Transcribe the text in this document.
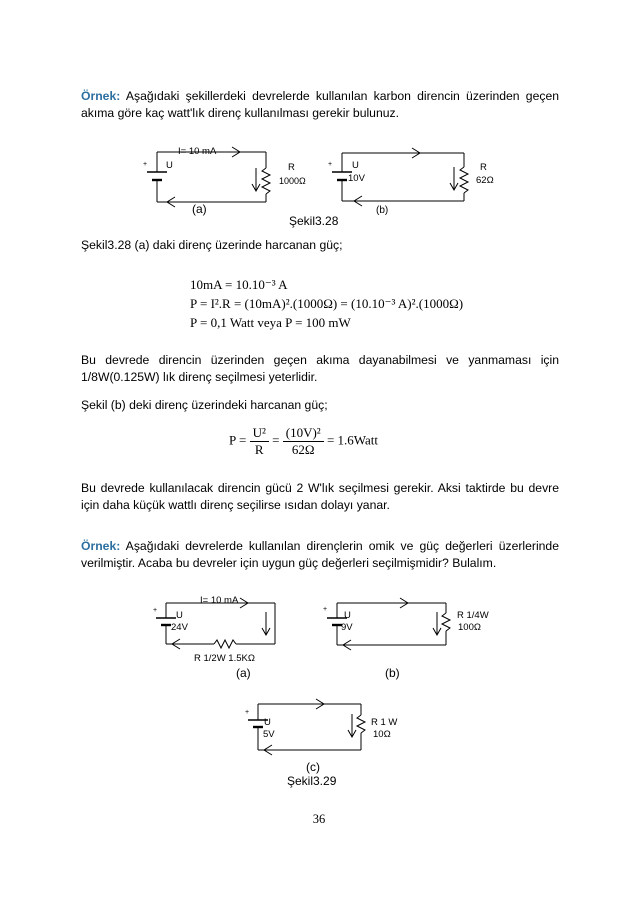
Örnek: Aşağıdaki şekillerdeki devrelerde kullanılan karbon direncin üzerinden geçen akıma göre kaç watt'lık direnç kullanılması gerekir bulunuz.

+
I= 10 mA
U	R
1000Ω
(a)
+ U
10V
R
62Ω
(b)
Şekil3.28

Şekil3.28 (a) daki direnç üzerinde harcanan güç;

10mA = 10.10⁻³ A
P = I².R = (10mA)².(1000Ω) = (10.10⁻³ A)².(1000Ω)
P = 0,1 Watt veya P = 100 mW

Bu devrede direncin üzerinden geçen akıma dayanabilmesi ve yanmaması için 1/8W(0.125W) lık direnç seçilmesi yeterlidir.

Şekil (b) deki direnç üzerindeki harcanan güç;

$P = \frac{\text{U²}}{R} = \frac{\text{(10V)²}}{62\Omega}$ = 1.6Watt

Bu devrede kullanılacak direncin gücü 2 W'lık seçilmesi gerekir. Aksi taktirde bu devre için daha küçük wattlı direnç seçilirse ısıdan dolayı yanar.

Örnek: Aşağıdaki devrelerde kullanılan dirençlerin omik ve güç değerleri üzerlerinde verilmiştir. Acaba bu devreler için uygun güç değerleri seçilmişmidir? Bulalım.

+
I= 10 mA
U
24V
R 1/2W 1.5KΩ
(a)
+
U
9V
R 1/4W
100Ω
(b)
+
U
5V
R 1 W
10Ω
(c)
Şekil3.29
36
